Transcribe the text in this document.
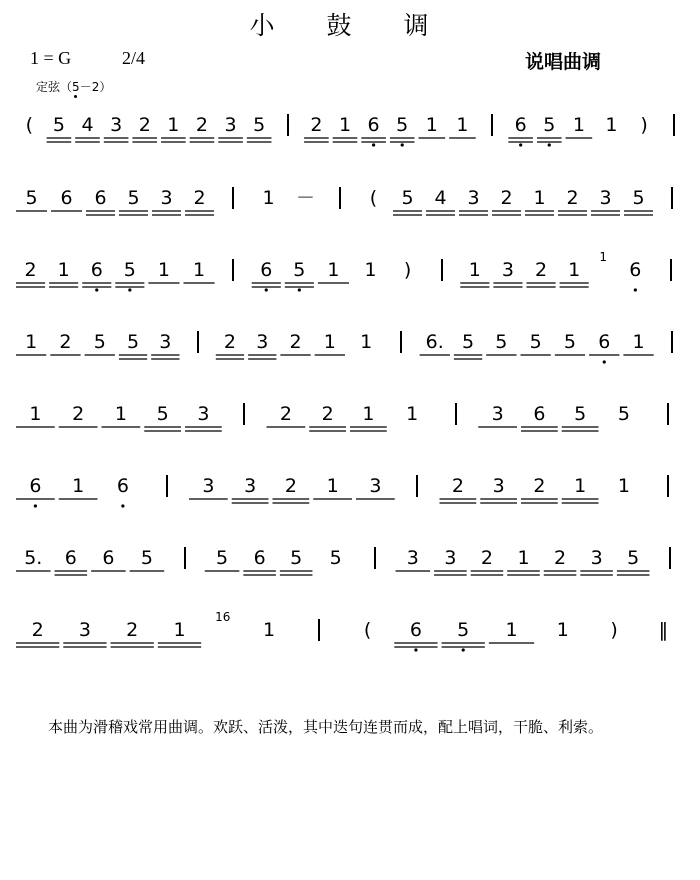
小 鼓 调
1 = G	2/4	说唱曲调
定弦（5－2）
(	5 4 3 2 1 2 3 5	2 1 6 5 1 1	6 5 1	1	)
5	6	6	5	3	2	1	－	(	5	4	3	2	1	2	3	5
2	1	6	5	1	1	6	5	1	1	)	1	3	2	1
1
6
1	2	5	5	3	2	3	2	1	1	6. 5	5	5	5	6	1
1	2	1	5	3	2	2	1	1	3	6	5	5
6	1	6	3	3	2	1	3	2	3	2	1	1
5.	6	6	5	5	6	5	5	3	3	2	1	2	3	5
2	3	2	1
16
1	(	6	5	1	1	)	‖
本曲为滑稽戏常用曲调。欢跃、活泼，其中迭句连贯而成，配上唱词，干脆、利索。
